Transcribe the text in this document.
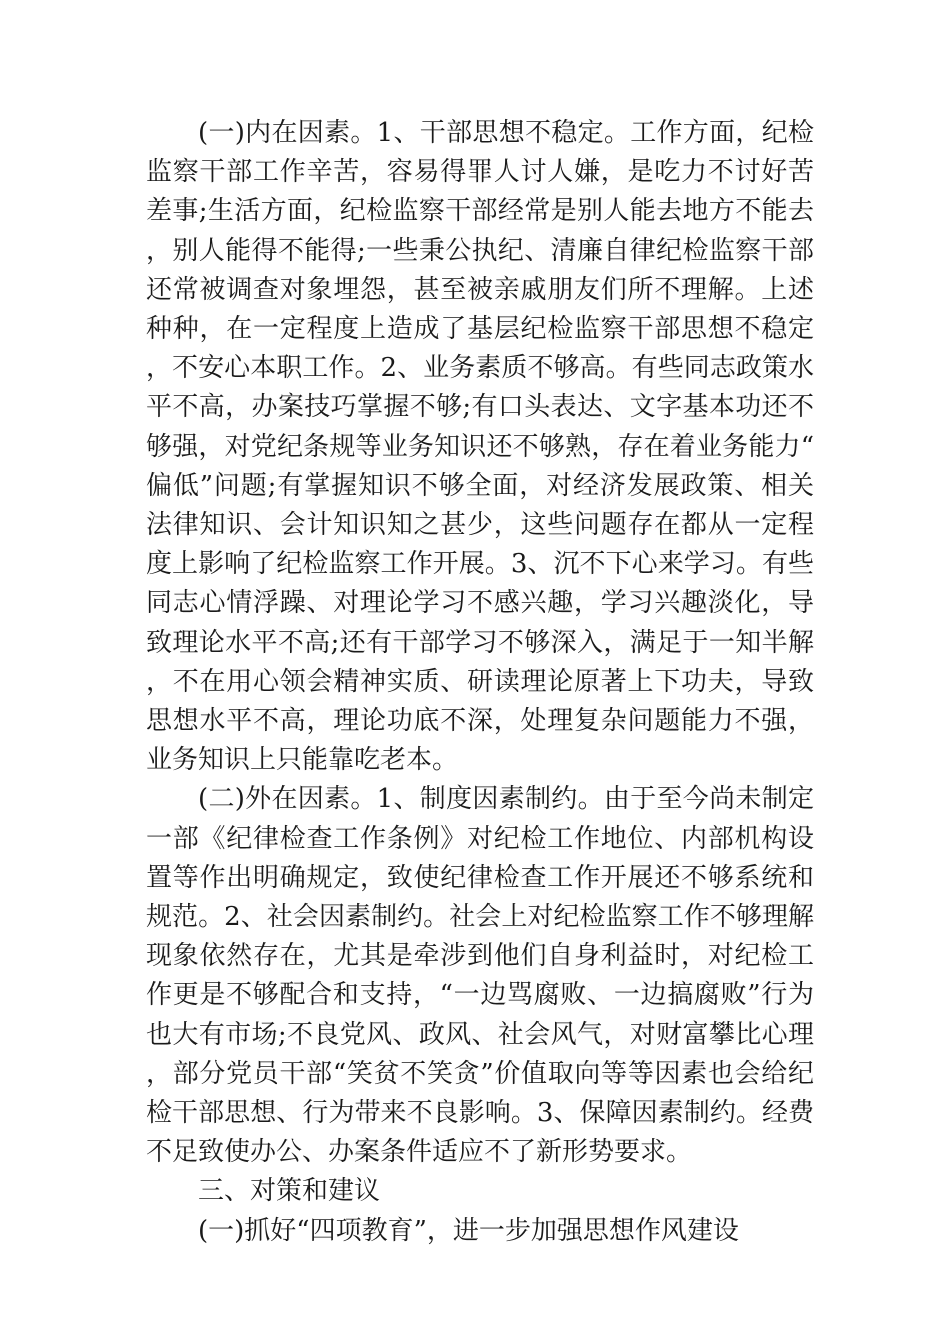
(一)内在因素。1、干部思想不稳定。工作方面，纪检监察干部工作辛苦，容易得罪人讨人嫌，是吃力不讨好苦差事;生活方面，纪检监察干部经常是别人能去地方不能去，别人能得不能得;一些秉公执纪、清廉自律纪检监察干部还常被调查对象埋怨，甚至被亲戚朋友们所不理解。上述种种，在一定程度上造成了基层纪检监察干部思想不稳定，不安心本职工作。2、业务素质不够高。有些同志政策水平不高，办案技巧掌握不够;有口头表达、文字基本功还不够强，对党纪条规等业务知识还不够熟，存在着业务能力“偏低”问题;有掌握知识不够全面，对经济发展政策、相关法律知识、会计知识知之甚少，这些问题存在都从一定程度上影响了纪检监察工作开展。3、沉不下心来学习。有些同志心情浮躁、对理论学习不感兴趣，学习兴趣淡化，导致理论水平不高;还有干部学习不够深入，满足于一知半解，不在用心领会精神实质、研读理论原著上下功夫，导致思想水平不高，理论功底不深，处理复杂问题能力不强，业务知识上只能靠吃老本。

(二)外在因素。1、制度因素制约。由于至今尚未制定一部《纪律检查工作条例》对纪检工作地位、内部机构设置等作出明确规定，致使纪律检查工作开展还不够系统和规范。2、社会因素制约。社会上对纪检监察工作不够理解现象依然存在，尤其是牵涉到他们自身利益时，对纪检工作更是不够配合和支持，“一边骂腐败、一边搞腐败”行为也大有市场;不良党风、政风、社会风气，对财富攀比心理，部分党员干部“笑贫不笑贪”价值取向等等因素也会给纪检干部思想、行为带来不良影响。3、保障因素制约。经费不足致使办公、办案条件适应不了新形势要求。

三、对策和建议

(一)抓好“四项教育”，进一步加强思想作风建设
